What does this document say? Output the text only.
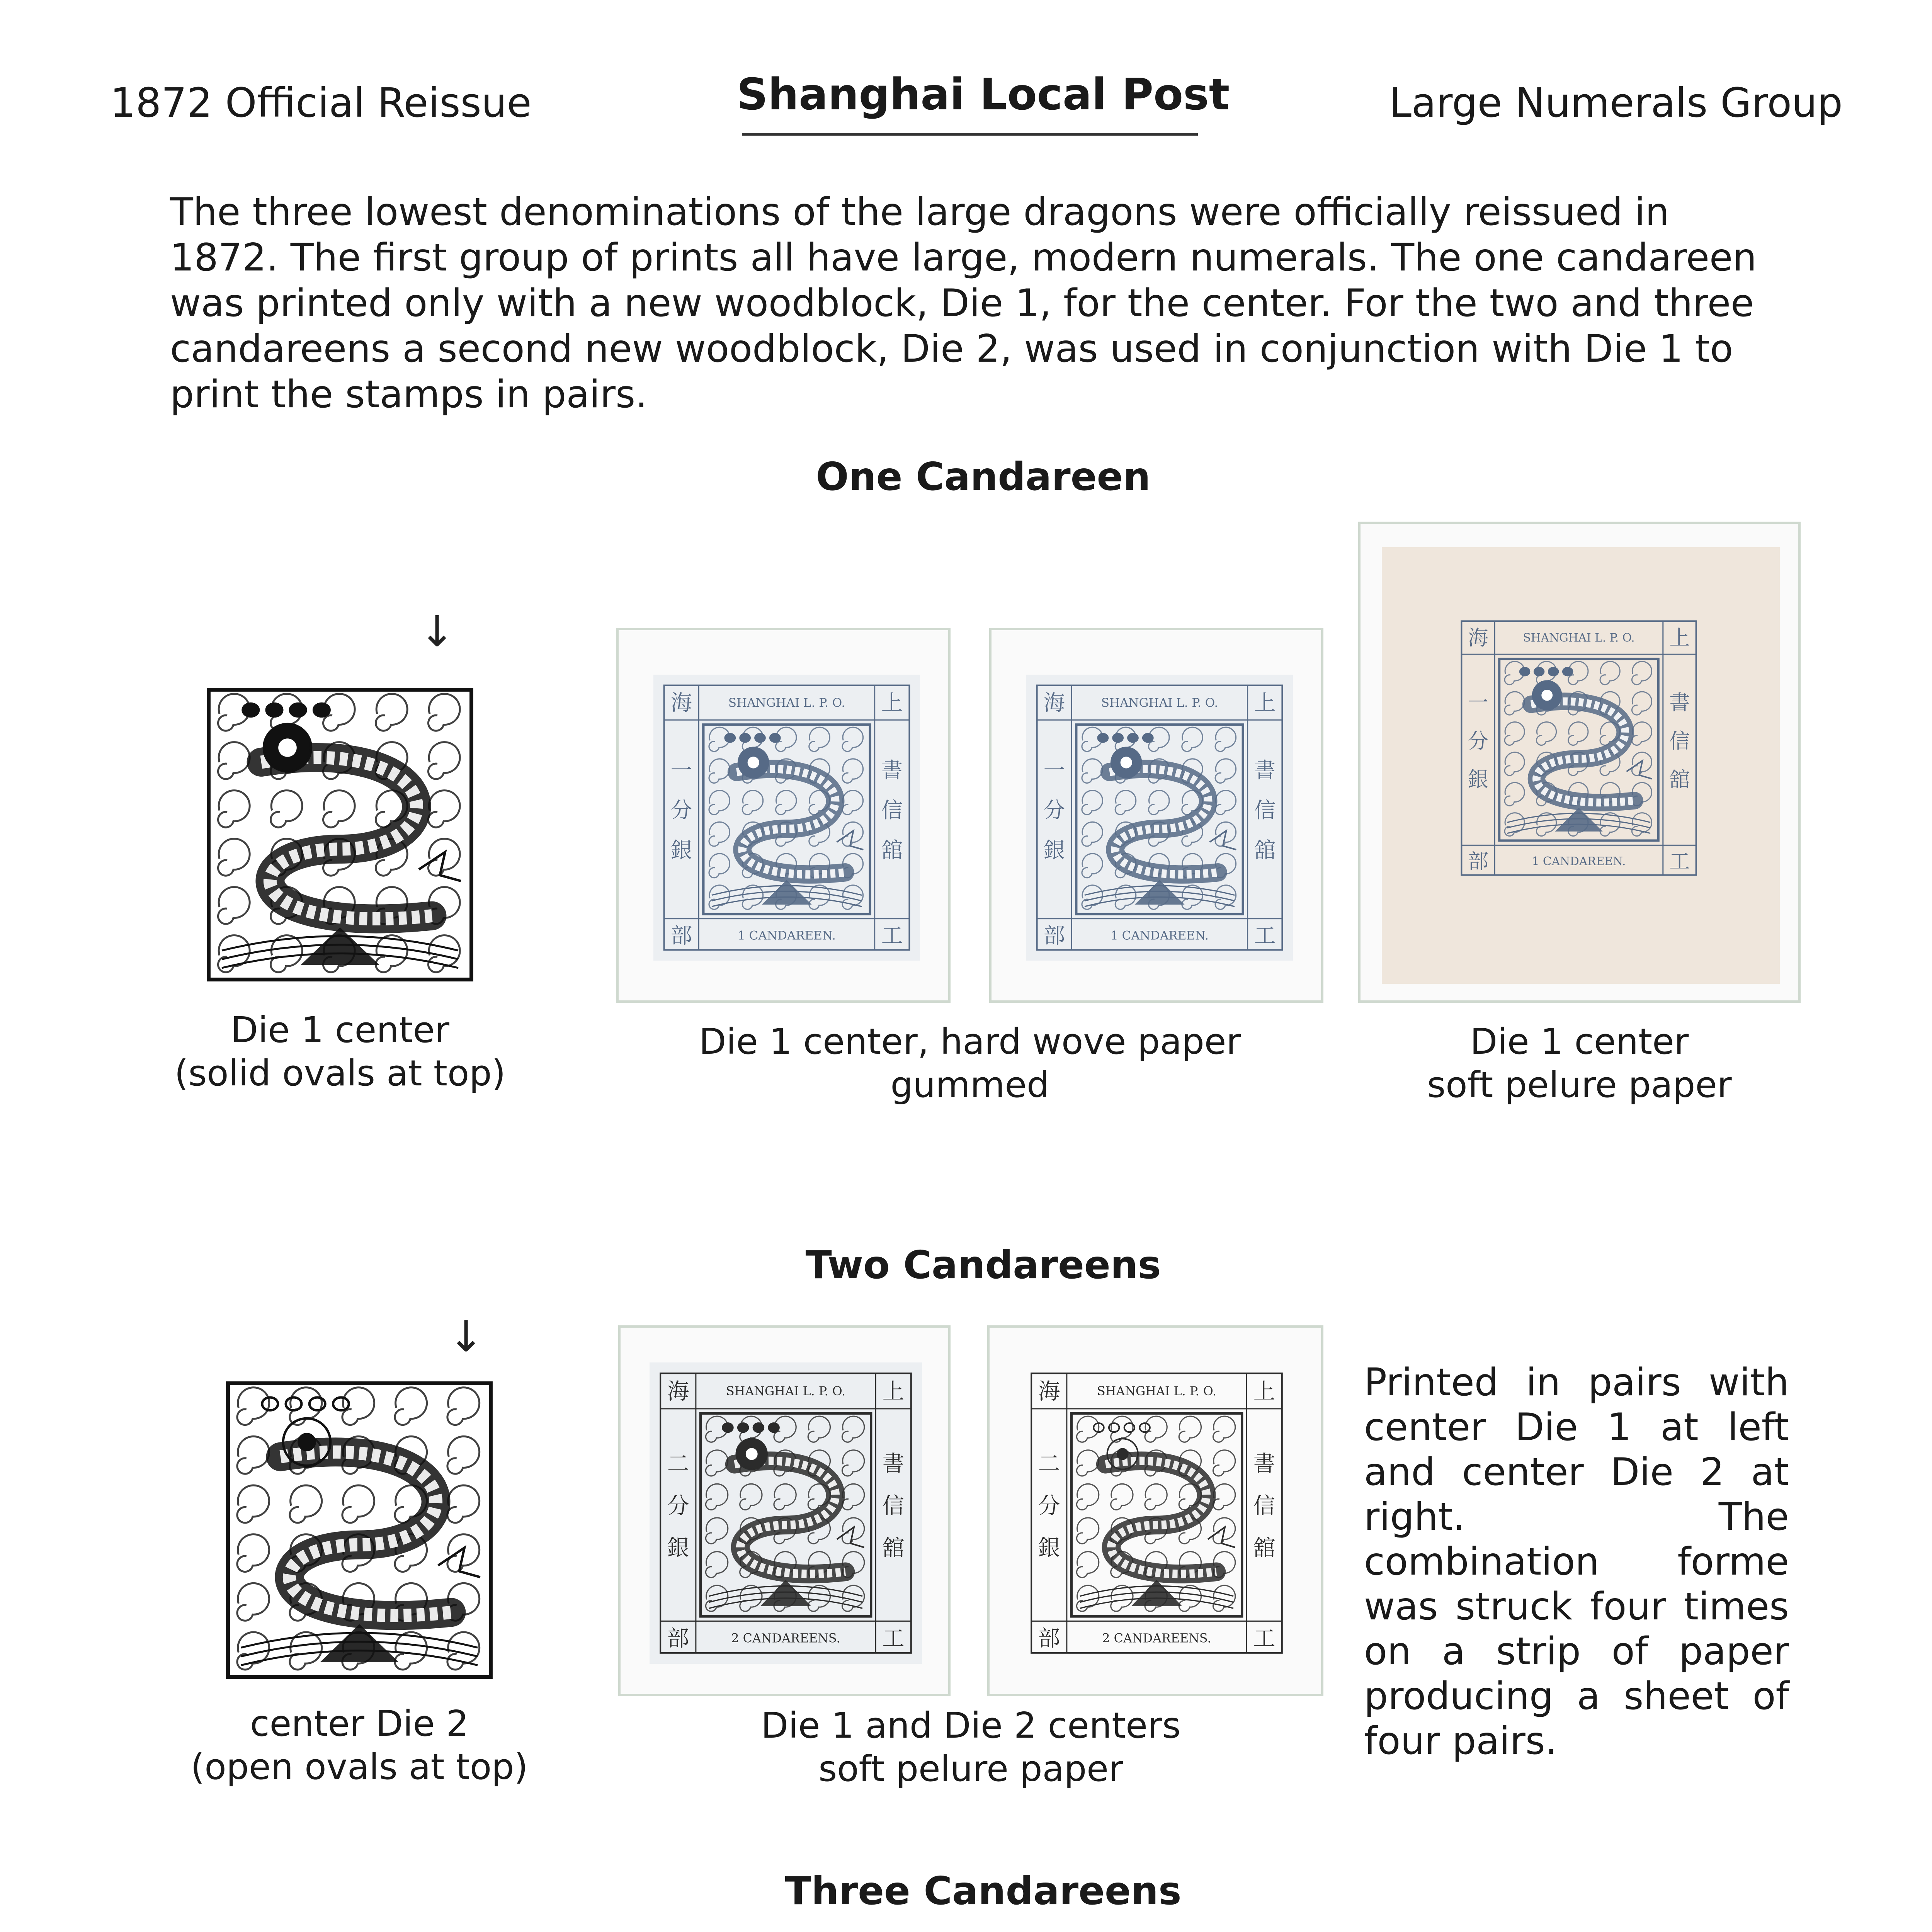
1872 Official Reissue	Shanghai Local Post	Large Numerals Group

The three lowest denominations of the large dragons were officially reissued in 1872. The first group of prints all have large, modern numerals. The one candareen was printed only with a new woodblock, Die 1, for the center. For the two and three candareens a second new woodblock, Die 2, was used in conjunction with Die 1 to print the stamps in pairs.

One Candareen
↓
Die 1 center
(solid ovals at top)
SHANGHAI L. P. O.
1 CANDAREEN.
海
一
分
銀
部
上
書
信
舘
工
SHANGHAI L. P. O.
1 CANDAREEN.
海
一
分
銀
部
上
書
信
舘
工
Die 1 center, hard wove paper
gummed
SHANGHAI L. P. O.
1 CANDAREEN.
海
一
分
銀
部
上
書
信
舘
工
Die 1 center
soft pelure paper
Two Candareens
↓
center Die 2
(open ovals at top)
SHANGHAI L. P. O.
2 CANDAREENS.
海
二
分
銀
部
上
書
信
舘
工
SHANGHAI L. P. O.
2 CANDAREENS.
海
二
分
銀
部
上
書
信
舘
工
Die 1 and Die 2 centers
soft pelure paper

Printed in pairs with center Die 1 at left and center Die 2 at right. The combination forme was struck four times on a strip of paper producing a sheet of four pairs.

Three Candareens
